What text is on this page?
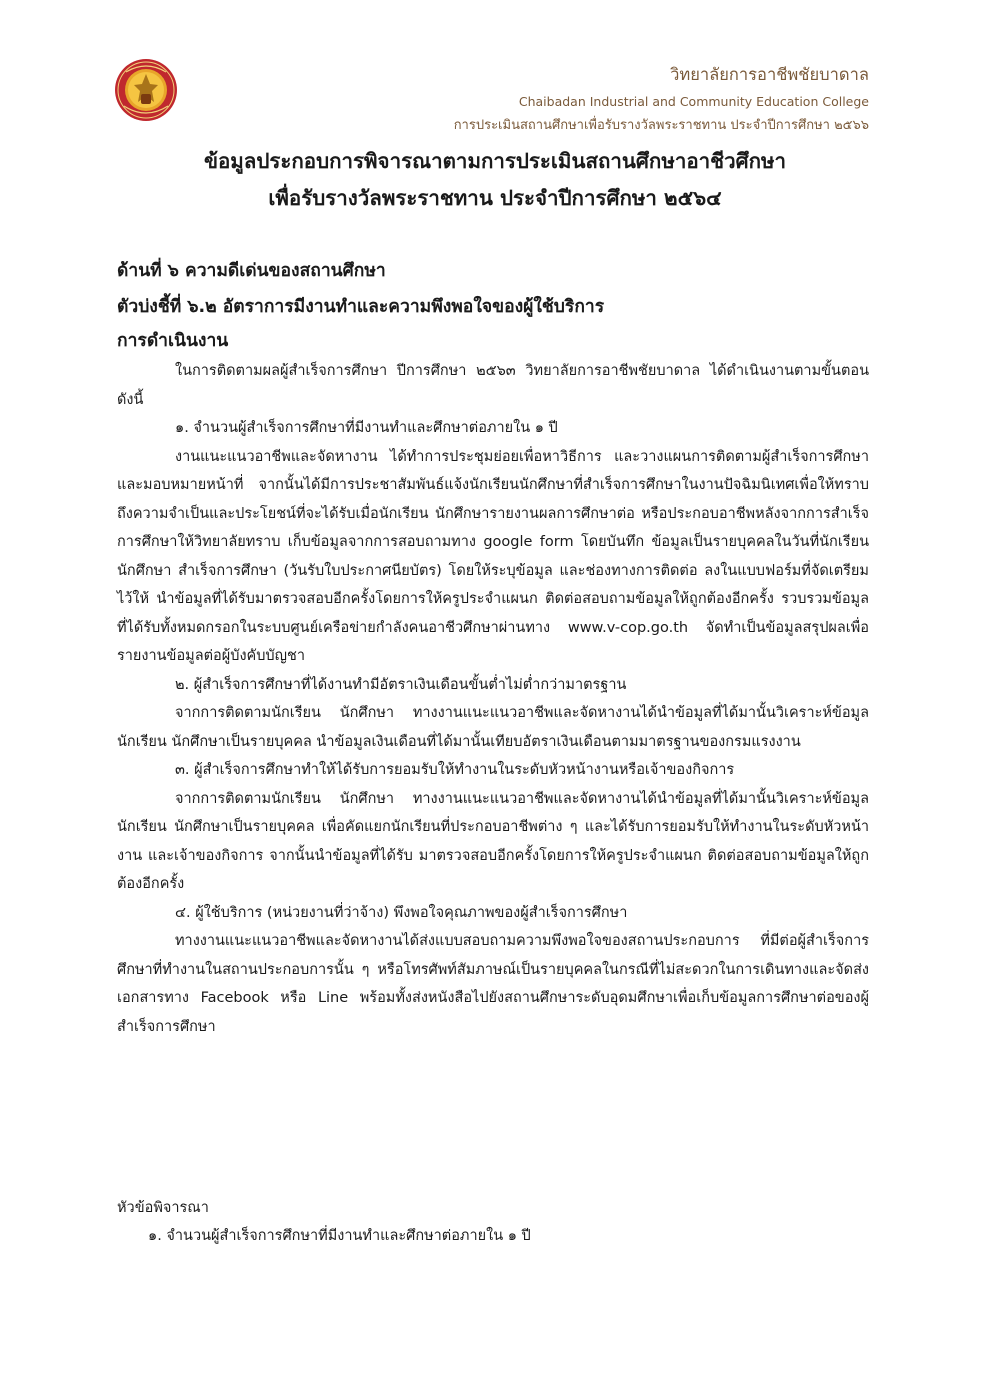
วิทยาลัยการอาชีพชัยบาดาล
Chaibadan Industrial and Community Education College
การประเมินสถานศึกษาเพื่อรับรางวัลพระราชทาน ประจำปีการศึกษา ๒๕๖๖
ข้อมูลประกอบการพิจารณาตามการประเมินสถานศึกษาอาชีวศึกษา
เพื่อรับรางวัลพระราชทาน ประจำปีการศึกษา ๒๕๖๔
ด้านที่ ๖ ความดีเด่นของสถานศึกษา
ตัวบ่งชี้ที่ ๖.๒ อัตราการมีงานทำและความพึงพอใจของผู้ใช้บริการ
การดำเนินงาน

ในการติดตามผลผู้สำเร็จการศึกษา ปีการศึกษา ๒๕๖๓ วิทยาลัยการอาชีพชัยบาดาล ได้ดำเนินงานตามขั้นตอนดังนี้

๑. จำนวนผู้สำเร็จการศึกษาที่มีงานทำและศึกษาต่อภายใน ๑ ปี

งานแนะแนวอาชีพและจัดหางาน ได้ทำการประชุมย่อยเพื่อหาวิธีการ และวางแผนการติดตามผู้สำเร็จการศึกษา และมอบหมายหน้าที่ จากนั้นได้มีการประชาสัมพันธ์แจ้งนักเรียนนักศึกษาที่สำเร็จการศึกษาในงานปัจฉิมนิเทศเพื่อให้ทราบถึงความจำเป็นและประโยชน์ที่จะได้รับเมื่อนักเรียน นักศึกษารายงานผลการศึกษาต่อ หรือประกอบอาชีพหลังจากการสำเร็จการศึกษาให้วิทยาลัยทราบ เก็บข้อมูลจากการสอบถามทาง google form โดยบันทึก ข้อมูลเป็นรายบุคคลในวันที่นักเรียน นักศึกษา สำเร็จการศึกษา (วันรับใบประกาศนียบัตร) โดยให้ระบุข้อมูล และช่องทางการติดต่อ ลงในแบบฟอร์มที่จัดเตรียมไว้ให้ นำข้อมูลที่ได้รับมาตรวจสอบอีกครั้งโดยการให้ครูประจำแผนก ติดต่อสอบถามข้อมูลให้ถูกต้องอีกครั้ง รวบรวมข้อมูลที่ได้รับทั้งหมดกรอกในระบบศูนย์เครือข่ายกำลังคนอาชีวศึกษาผ่านทาง www.v-cop.go.th จัดทำเป็นข้อมูลสรุปผลเพื่อรายงานข้อมูลต่อผู้บังคับบัญชา

๒. ผู้สำเร็จการศึกษาที่ได้งานทำมีอัตราเงินเดือนขั้นต่ำไม่ต่ำกว่ามาตรฐาน

จากการติดตามนักเรียน นักศึกษา ทางงานแนะแนวอาชีพและจัดหางานได้นำข้อมูลที่ได้มานั้นวิเคราะห์ข้อมูลนักเรียน นักศึกษาเป็นรายบุคคล นำข้อมูลเงินเดือนที่ได้มานั้นเทียบอัตราเงินเดือนตามมาตรฐานของกรมแรงงาน

๓. ผู้สำเร็จการศึกษาทำให้ได้รับการยอมรับให้ทำงานในระดับหัวหน้างานหรือเจ้าของกิจการ

จากการติดตามนักเรียน นักศึกษา ทางงานแนะแนวอาชีพและจัดหางานได้นำข้อมูลที่ได้มานั้นวิเคราะห์ข้อมูลนักเรียน นักศึกษาเป็นรายบุคคล เพื่อคัดแยกนักเรียนที่ประกอบอาชีพต่าง ๆ และได้รับการยอมรับให้ทำงานในระดับหัวหน้างาน และเจ้าของกิจการ จากนั้นนำข้อมูลที่ได้รับ มาตรวจสอบอีกครั้งโดยการให้ครูประจำแผนก ติดต่อสอบถามข้อมูลให้ถูกต้องอีกครั้ง

๔. ผู้ใช้บริการ (หน่วยงานที่ว่าจ้าง) พึงพอใจคุณภาพของผู้สำเร็จการศึกษา

ทางงานแนะแนวอาชีพและจัดหางานได้ส่งแบบสอบถามความพึงพอใจของสถานประกอบการ ที่มีต่อผู้สำเร็จการศึกษาที่ทำงานในสถานประกอบการนั้น ๆ หรือโทรศัพท์สัมภาษณ์เป็นรายบุคคลในกรณีที่ไม่สะดวกในการเดินทางและจัดส่งเอกสารทาง Facebook หรือ Line พร้อมทั้งส่งหนังสือไปยังสถานศึกษาระดับอุดมศึกษาเพื่อเก็บข้อมูลการศึกษาต่อของผู้สำเร็จการศึกษา

หัวข้อพิจารณา
๑. จำนวนผู้สำเร็จการศึกษาที่มีงานทำและศึกษาต่อภายใน ๑ ปี
